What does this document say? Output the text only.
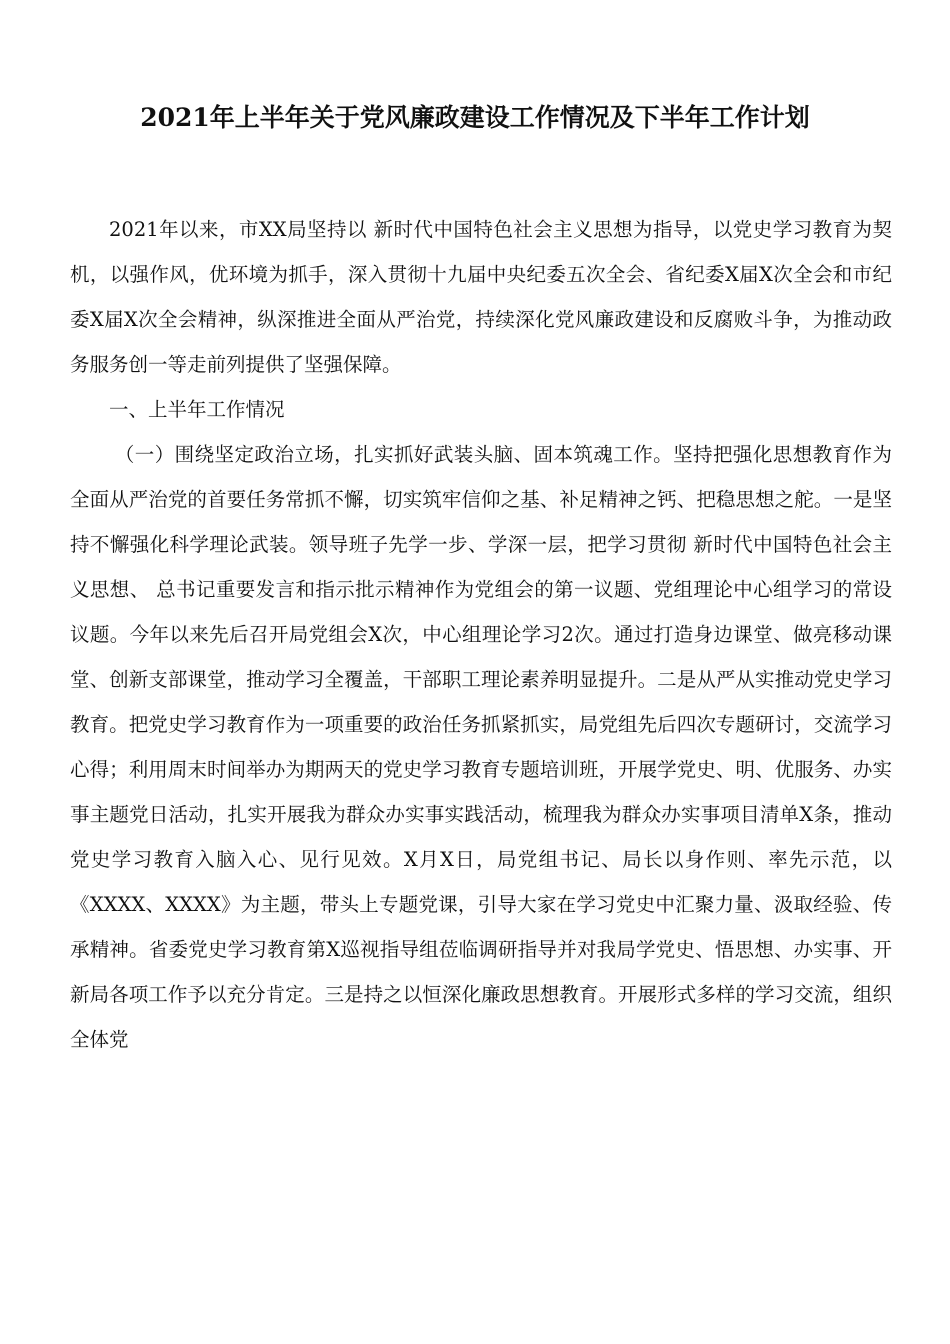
2021年上半年关于党风廉政建设工作情况及下半年工作计划

2021年以来，市XX局坚持以 新时代中国特色社会主义思想为指导，以党史学习教育为契机，以强作风，优环境为抓手，深入贯彻十九届中央纪委五次全会、省纪委X届X次全会和市纪委X届X次全会精神，纵深推进全面从严治党，持续深化党风廉政建设和反腐败斗争，为推动政务服务创一等走前列提供了坚强保障。

一、上半年工作情况

（一）围绕坚定政治立场，扎实抓好武装头脑、固本筑魂工作。坚持把强化思想教育作为全面从严治党的首要任务常抓不懈，切实筑牢信仰之基、补足精神之钙、把稳思想之舵。一是坚持不懈强化科学理论武装。领导班子先学一步、学深一层，把学习贯彻 新时代中国特色社会主义思想、 总书记重要发言和指示批示精神作为党组会的第一议题、党组理论中心组学习的常设议题。今年以来先后召开局党组会X次，中心组理论学习2次。通过打造身边课堂、做亮移动课堂、创新支部课堂，推动学习全覆盖，干部职工理论素养明显提升。二是从严从实推动党史学习教育。把党史学习教育作为一项重要的政治任务抓紧抓实，局党组先后四次专题研讨，交流学习心得；利用周末时间举办为期两天的党史学习教育专题培训班，开展学党史、明、优服务、办实事主题党日活动，扎实开展我为群众办实事实践活动，梳理我为群众办实事项目清单X条，推动党史学习教育入脑入心、见行见效。X月X日，局党组书记、局长以身作则、率先示范，以《XXXX、XXXX》为主题，带头上专题党课，引导大家在学习党史中汇聚力量、汲取经验、传承精神。省委党史学习教育第X巡视指导组莅临调研指导并对我局学党史、悟思想、办实事、开新局各项工作予以充分肯定。三是持之以恒深化廉政思想教育。开展形式多样的学习交流，组织全体党
